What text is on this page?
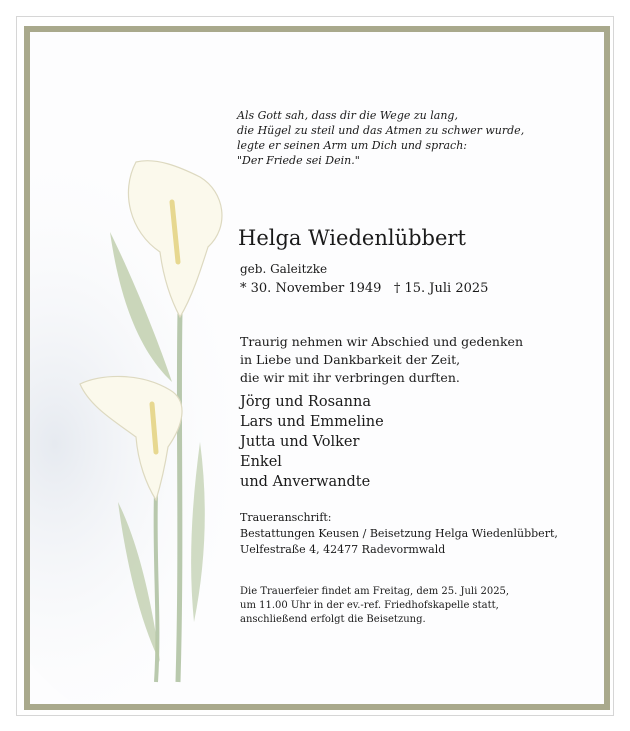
Als Gott sah, dass dir die Wege zu lang,
die Hügel zu steil und das Atmen zu schwer wurde,
legte er seinen Arm um Dich und sprach:
"Der Friede sei Dein."
Helga Wiedenlübbert
geb. Galeitzke
* 30. November 1949   † 15. Juli 2025
Traurig nehmen wir Abschied und gedenken
in Liebe und Dankbarkeit der Zeit,
die wir mit ihr verbringen durften.
Jörg und Rosanna
Lars und Emmeline
Jutta und Volker
Enkel
und Anverwandte
Traueranschrift:
Bestattungen Keusen / Beisetzung Helga Wiedenlübbert,
Uelfestraße 4, 42477 Radevormwald
Die Trauerfeier findet am Freitag, dem 25. Juli 2025,
um 11.00 Uhr in der ev.-ref. Friedhofskapelle statt,
anschließend erfolgt die Beisetzung.
